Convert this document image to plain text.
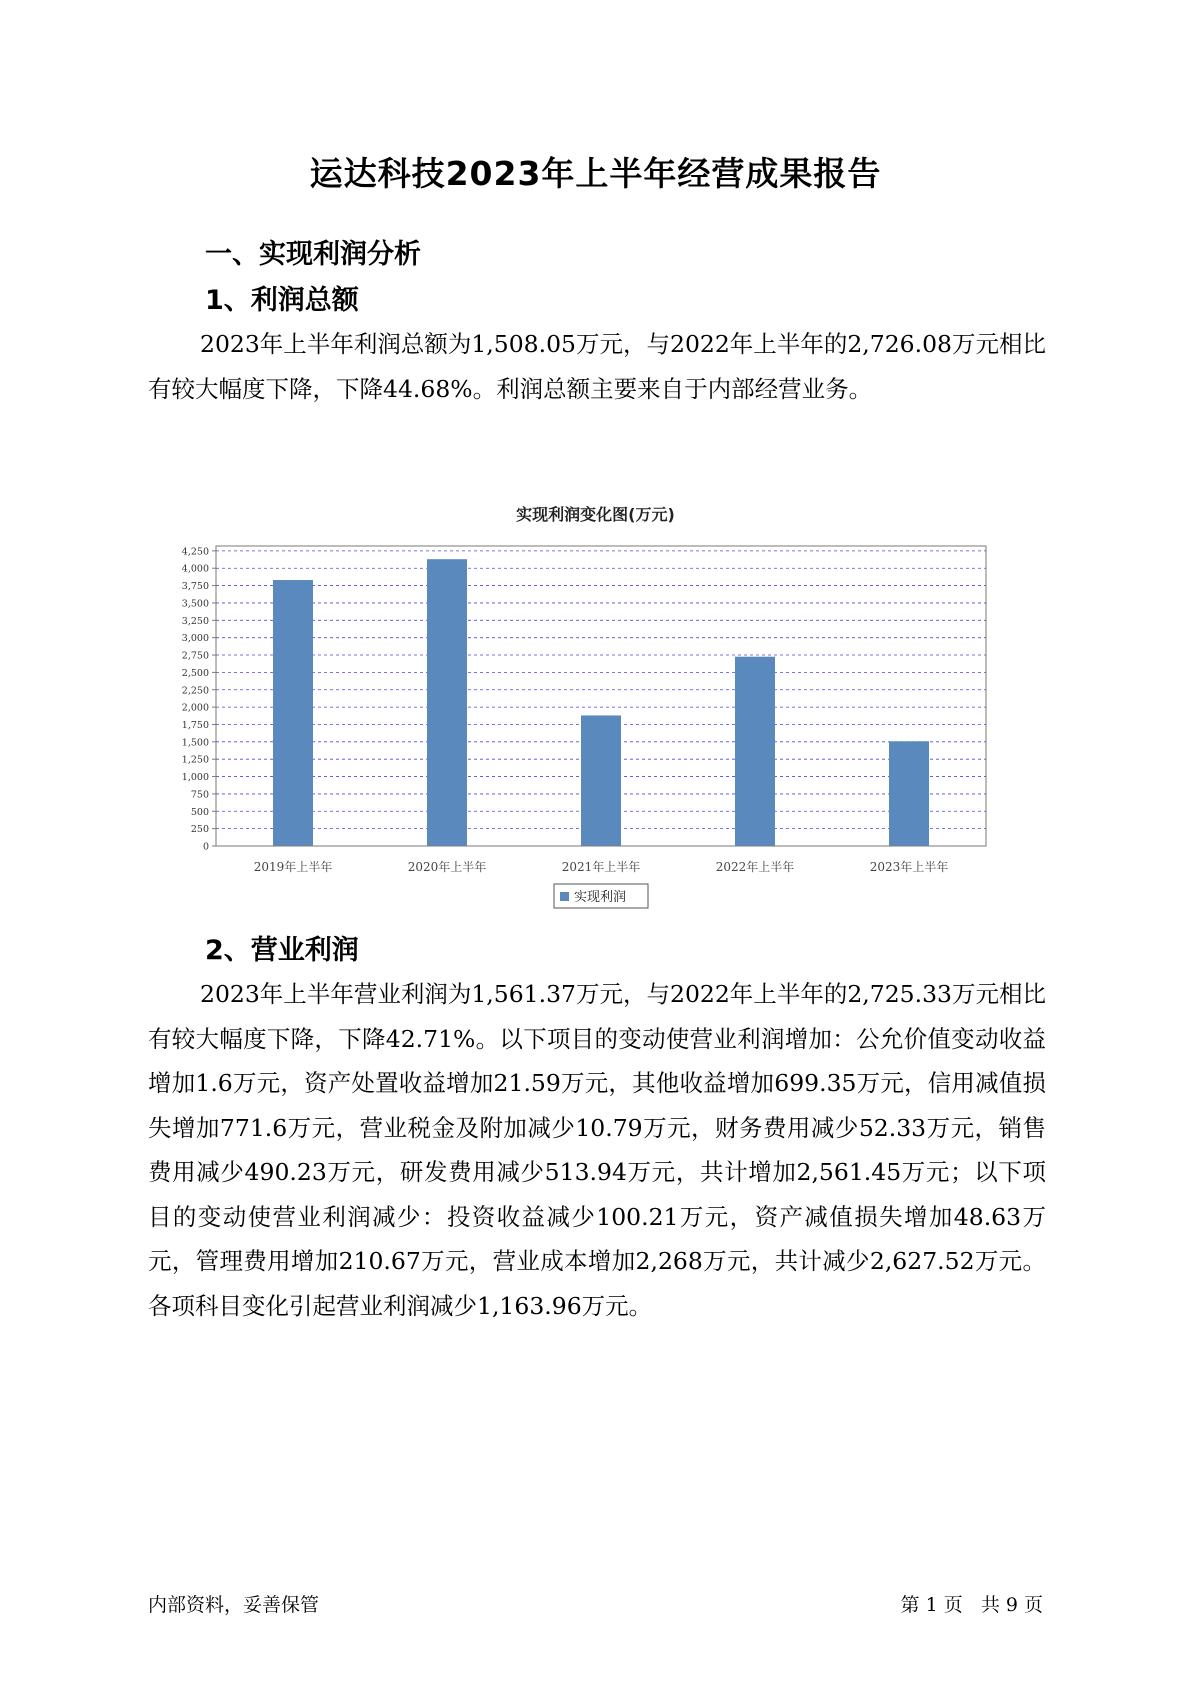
运达科技2023年上半年经营成果报告
一、实现利润分析
1、利润总额

2023年上半年利润总额为1,508.05万元，与2022年上半年的2,726.08万元相比有较大幅度下降，下降44.68%。利润总额主要来自于内部经营业务。

实现利润变化图(万元)
0
250
500
750
1,000
1,250
1,500
1,750
2,000
2,250
2,500
2,750
3,000
3,250
3,500
3,750
4,000
4,250
2019年上半年	2020年上半年	2021年上半年	2022年上半年	2023年上半年
实现利润
2、营业利润

2023年上半年营业利润为1,561.37万元，与2022年上半年的2,725.33万元相比有较大幅度下降，下降42.71%。以下项目的变动使营业利润增加：公允价值变动收益增加1.6万元，资产处置收益增加21.59万元，其他收益增加699.35万元，信用减值损失增加771.6万元，营业税金及附加减少10.79万元，财务费用减少52.33万元，销售费用减少490.23万元，研发费用减少513.94万元，共计增加2,561.45万元；以下项目的变动使营业利润减少：投资收益减少100.21万元，资产减值损失增加48.63万元，管理费用增加210.67万元，营业成本增加2,268万元，共计减少2,627.52万元。各项科目变化引起营业利润减少1,163.96万元。

内部资料，妥善保管	第 1 页   共 9 页
